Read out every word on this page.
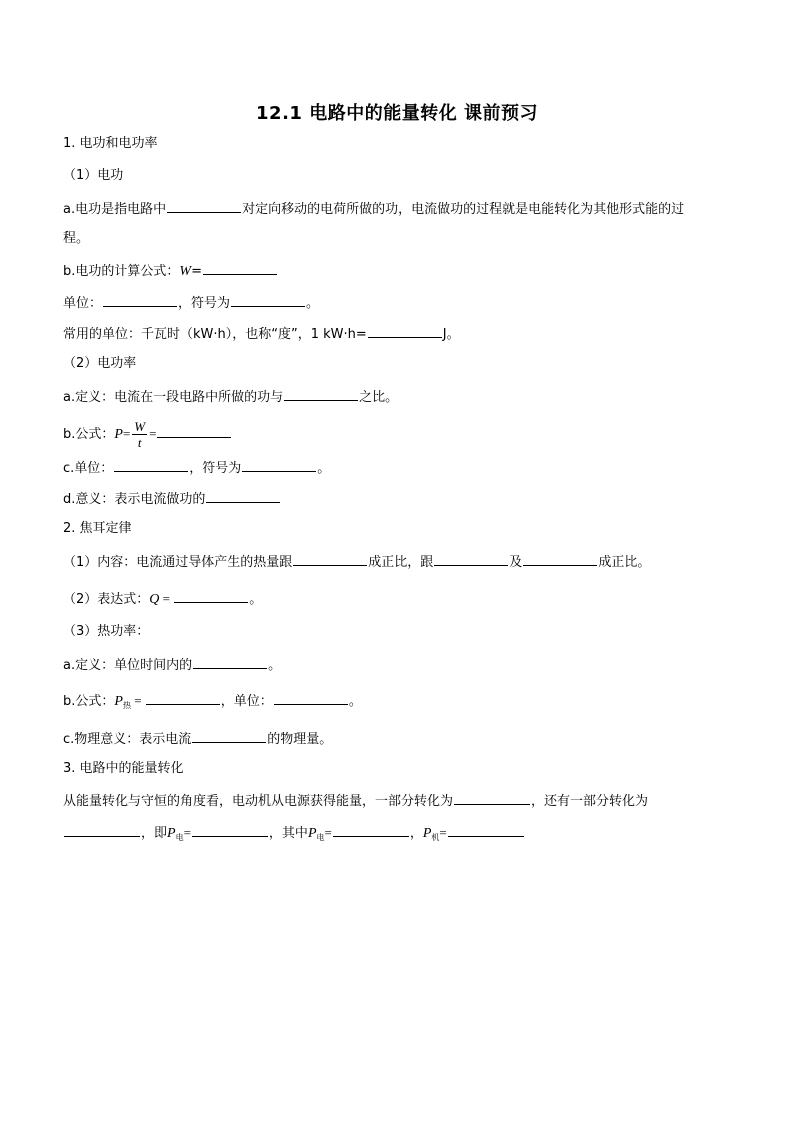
12.1 电路中的能量转化 课前预习
1. 电功和电功率
（1）电功
a.电功是指电路中	对定向移动的电荷所做的功，电流做功的过程就是电能转化为其他形式能的过
程。
b.电功的计算公式：W=
单位：	，符号为	。
常用的单位：千瓦时（kW·h），也称“度”，1 kW·h=	J。
（2）电功率
a.定义：电流在一段电路中所做的功与	之比。
b.公式：$P= \frac{W}{t}$ =
c.单位：	，符号为	。
d.意义：表示电流做功的
2. 焦耳定律
（1）内容：电流通过导体产生的热量跟	成正比，跟	及	成正比。
（2）表达式：Q =	。
（3）热功率：
a.定义：单位时间内的	。
b.公式：$P_热$ =	，单位：	。
c.物理意义：表示电流	的物理量。
3. 电路中的能量转化
从能量转化与守恒的角度看，电动机从电源获得能量，一部分转化为	，还有一部分转化为
，即$P_电=$	，其中$P_电=$	，$P_机=$
